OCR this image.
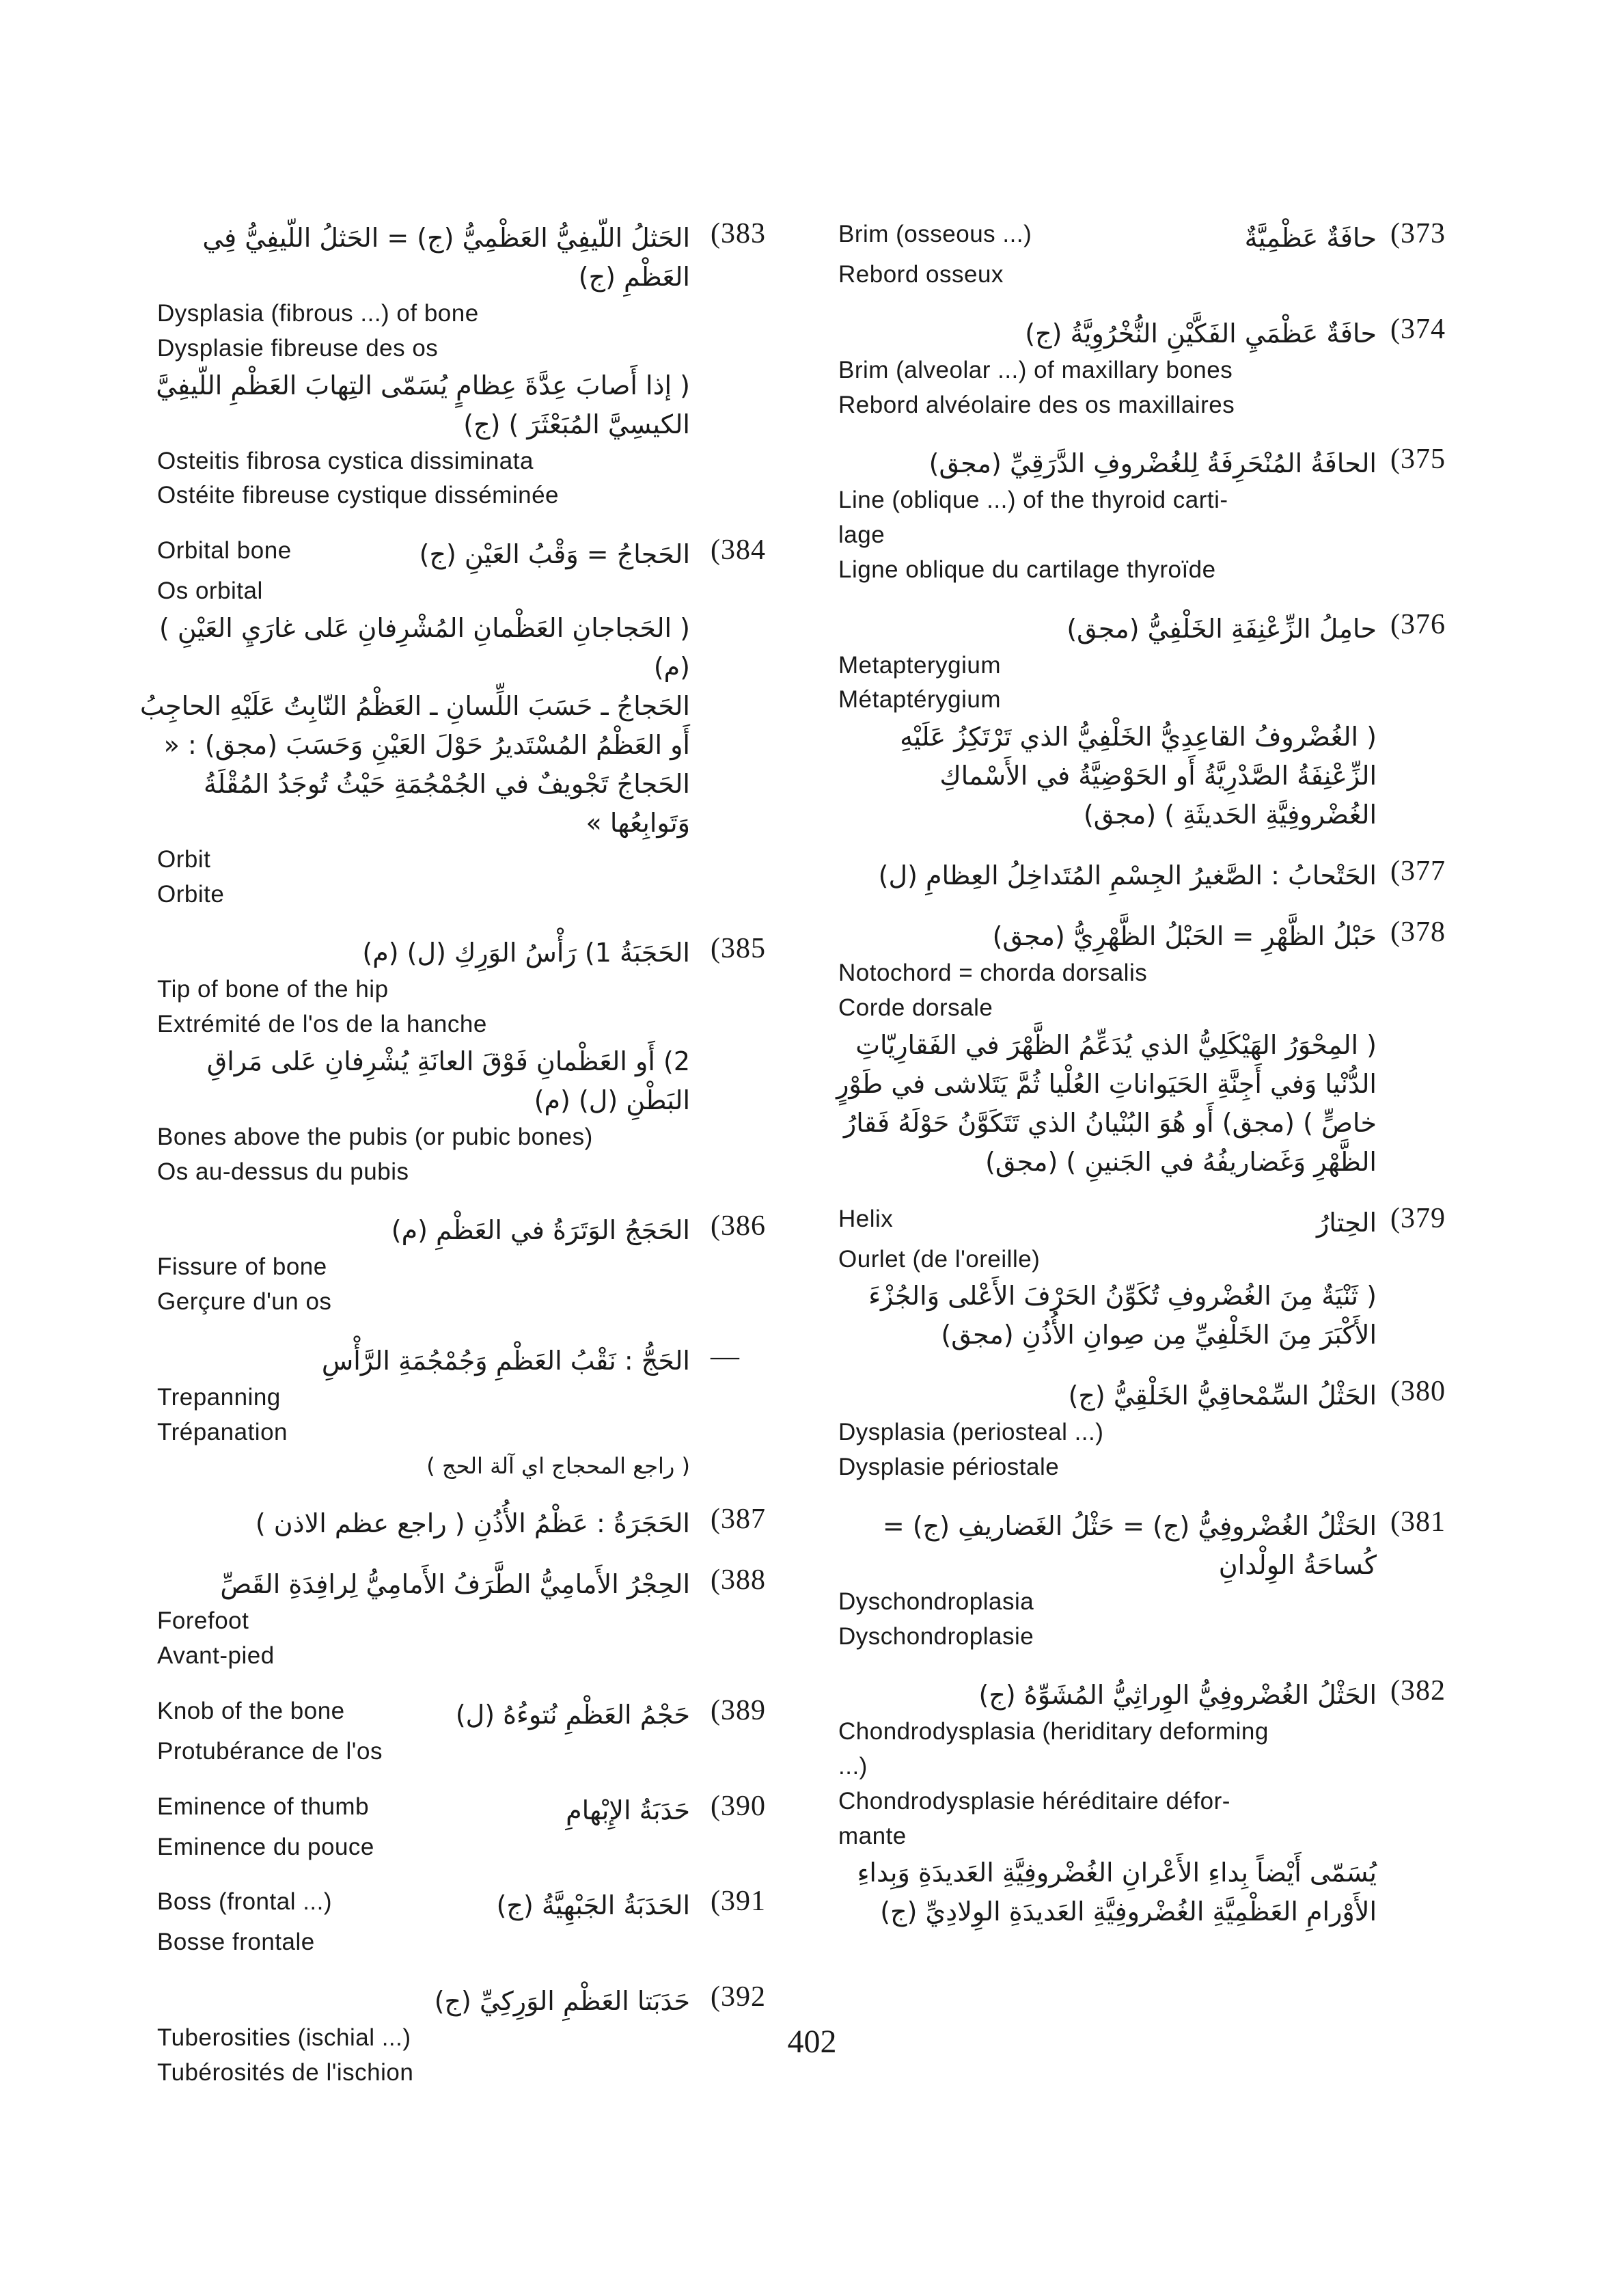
(383
الحَثلُ اللّيفِيُّ العَظْمِيُّ (ج) = الحَثلُ اللّيفِيُّ فِي العَظْمِ (ج)
Dysplasia (fibrous ...) of bone
Dysplasie fibreuse des os
( إذا أَصابَ عِدَّةَ عِظامٍ يُسَمّى التِهابَ العَظْمِ اللّيفِيَّ الكيسِيَّ المُبَعْثَرَ ) (ج)
Osteitis fibrosa cystica dissiminata
Ostéite fibreuse cystique disséminée
(384
Orbital bone	الحَجاجُ = وَقْبُ العَيْنِ (ج)
Os orbital
( الحَجاجانِ العَظْمانِ المُشْرِفانِ عَلى غارَيِ العَيْنِ ) (م)
الحَجاجُ ـ حَسَبَ اللِّسانِ ـ العَظْمُ النّابِتُ عَلَيْهِ الحاجِبُ أَو العَظْمُ المُسْتَديرُ حَوْلَ العَيْنِ وَحَسَبَ (مجق) : « الحَجاجُ تَجْويفٌ في الجُمْجُمَةِ حَيْثُ تُوجَدُ المُقْلَةُ وَتَوابِعُها »
Orbit
Orbite
(385
الحَجَبَةُ 1) رَأْسُ الوَرِكِ (ل) (م)
Tip of bone of the hip
Extrémité de l'os de la hanche
2) أَو العَظْمانِ فَوْقَ العانَةِ يُشْرِفانِ عَلى مَراقِ البَطْنِ (ل) (م)
Bones above the pubis (or pubic bones)
Os au-dessus du pubis
(386
الحَجَجُ الوَتَرَةُ في العَظْمِ (م)
Fissure of bone
Gerçure d'un os
—
الحَجُّ : نَقْبُ العَظْمِ وَجُمْجُمَةِ الرَّأْسِ
Trepanning
Trépanation
( راجع المحجاج اي آلة الحج )
(387
الحَجَرَةُ : عَظْمُ الأُذُنِ ( راجع عظم الاذن )
(388
الحِجْرُ الأَمامِيُّ الطَّرَفُ الأَمامِيُّ لِرافِدَةِ القَصِّ
Forefoot
Avant-pied
(389
Knob of the bone	حَجْمُ العَظْمِ نُتوءُهُ (ل)
Protubérance de l'os
(390
Eminence of thumb	حَدَبَةُ الإِبْهامِ
Eminence du pouce
(391
Boss (frontal ...)	الحَدَبَةُ الجَبْهِيَّةُ (ج)
Bosse frontale
(392
حَدَبَتا العَظْمِ الوَرِكِيِّ (ج)
Tuberosities (ischial ...)
Tubérosités de l'ischion
(373
Brim (osseous ...)	حافَةٌ عَظْمِيَّةٌ
Rebord osseux
(374
حافَةٌ عَظْمَيِ الفَكَّيْنِ النُّخْرُوِيَّةُ (ج)
Brim (alveolar ...) of maxillary bones
Rebord alvéolaire des os maxillaires
(375
الحافَةُ المُنْحَرِفَةُ لِلغُضْروفِ الدَّرَقِيِّ (مجق)
Line (oblique ...) of the thyroid carti-
lage
Ligne oblique du cartilage thyroïde
(376
حامِلُ الزِّعْنِفَةِ الخَلْفِيُّ (مجق)
Metapterygium
Métaptérygium
( الغُضْروفُ القاعِدِيُّ الخَلْفِيُّ الذي تَرْتَكِزُ عَلَيْهِ الزِّعْنِفَةُ الصَّدْرِيَّةُ أَو الحَوْضِيَّةُ في الأَسْماكِ الغُضْروفِيَّةِ الحَديثَةِ ) (مجق)
(377
الحَتْحابُ : الصَّغيرُ الجِسْمِ المُتَداخِلُ العِظامِ (ل)
(378
حَبْلُ الظَّهْرِ = الحَبْلُ الظَّهْرِيُّ (مجق)
Notochord = chorda dorsalis
Corde dorsale
( المِحْوَرُ الهَيْكَلِيُّ الذي يُدَعِّمُ الظَّهْرَ في الفَقارِيّاتِ الدُّنْيا وَفي أَجِنَّةِ الحَيَواناتِ العُلْيا ثُمَّ يَتَلاشى في طَوْرٍ خاصٍّ ) (مجق) أَو هُوَ البُنْيانُ الذي تَتَكَوَّنُ حَوْلَهُ فَقارُ الظَّهْرِ وَغَضاريفُهُ في الجَنينِ ) (مجق)
(379
Helix	الحِتارُ
Ourlet (de l'oreille)
( ثَنْيَةٌ مِنَ الغُضْروفِ تُكَوِّنُ الحَرْفَ الأَعْلى وَالجُزْءَ الأَكْبَرَ مِنَ الخَلْفِيِّ مِن صِوانِ الأُذُنِ (مجق)
(380
الحَثْلُ السِّمْحاقِيُّ الخَلْقِيُّ (ج)
Dysplasia (periosteal ...)
Dysplasie périostale
(381
الحَثْلُ الغُضْروفِيُّ (ج) = حَثْلُ الغَضاريفِ (ج) = كُساحَةُ الوِلْدانِ
Dyschondroplasia
Dyschondroplasie
(382
الحَثْلُ الغُضْروفِيُّ الوِراثِيُّ المُشَوِّهُ (ج)
Chondrodysplasia (heriditary deforming
...)
Chondrodysplasie héréditaire défor-
mante
يُسَمّى أَيْضاً بِداءِ الأَعْرانِ الغُضْروفِيَّةِ العَديدَةِ وَبِداءِ الأَوْرامِ العَظْمِيَّةِ الغُضْروفِيَّةِ العَديدَةِ الوِلادِيِّ (ج)
402
